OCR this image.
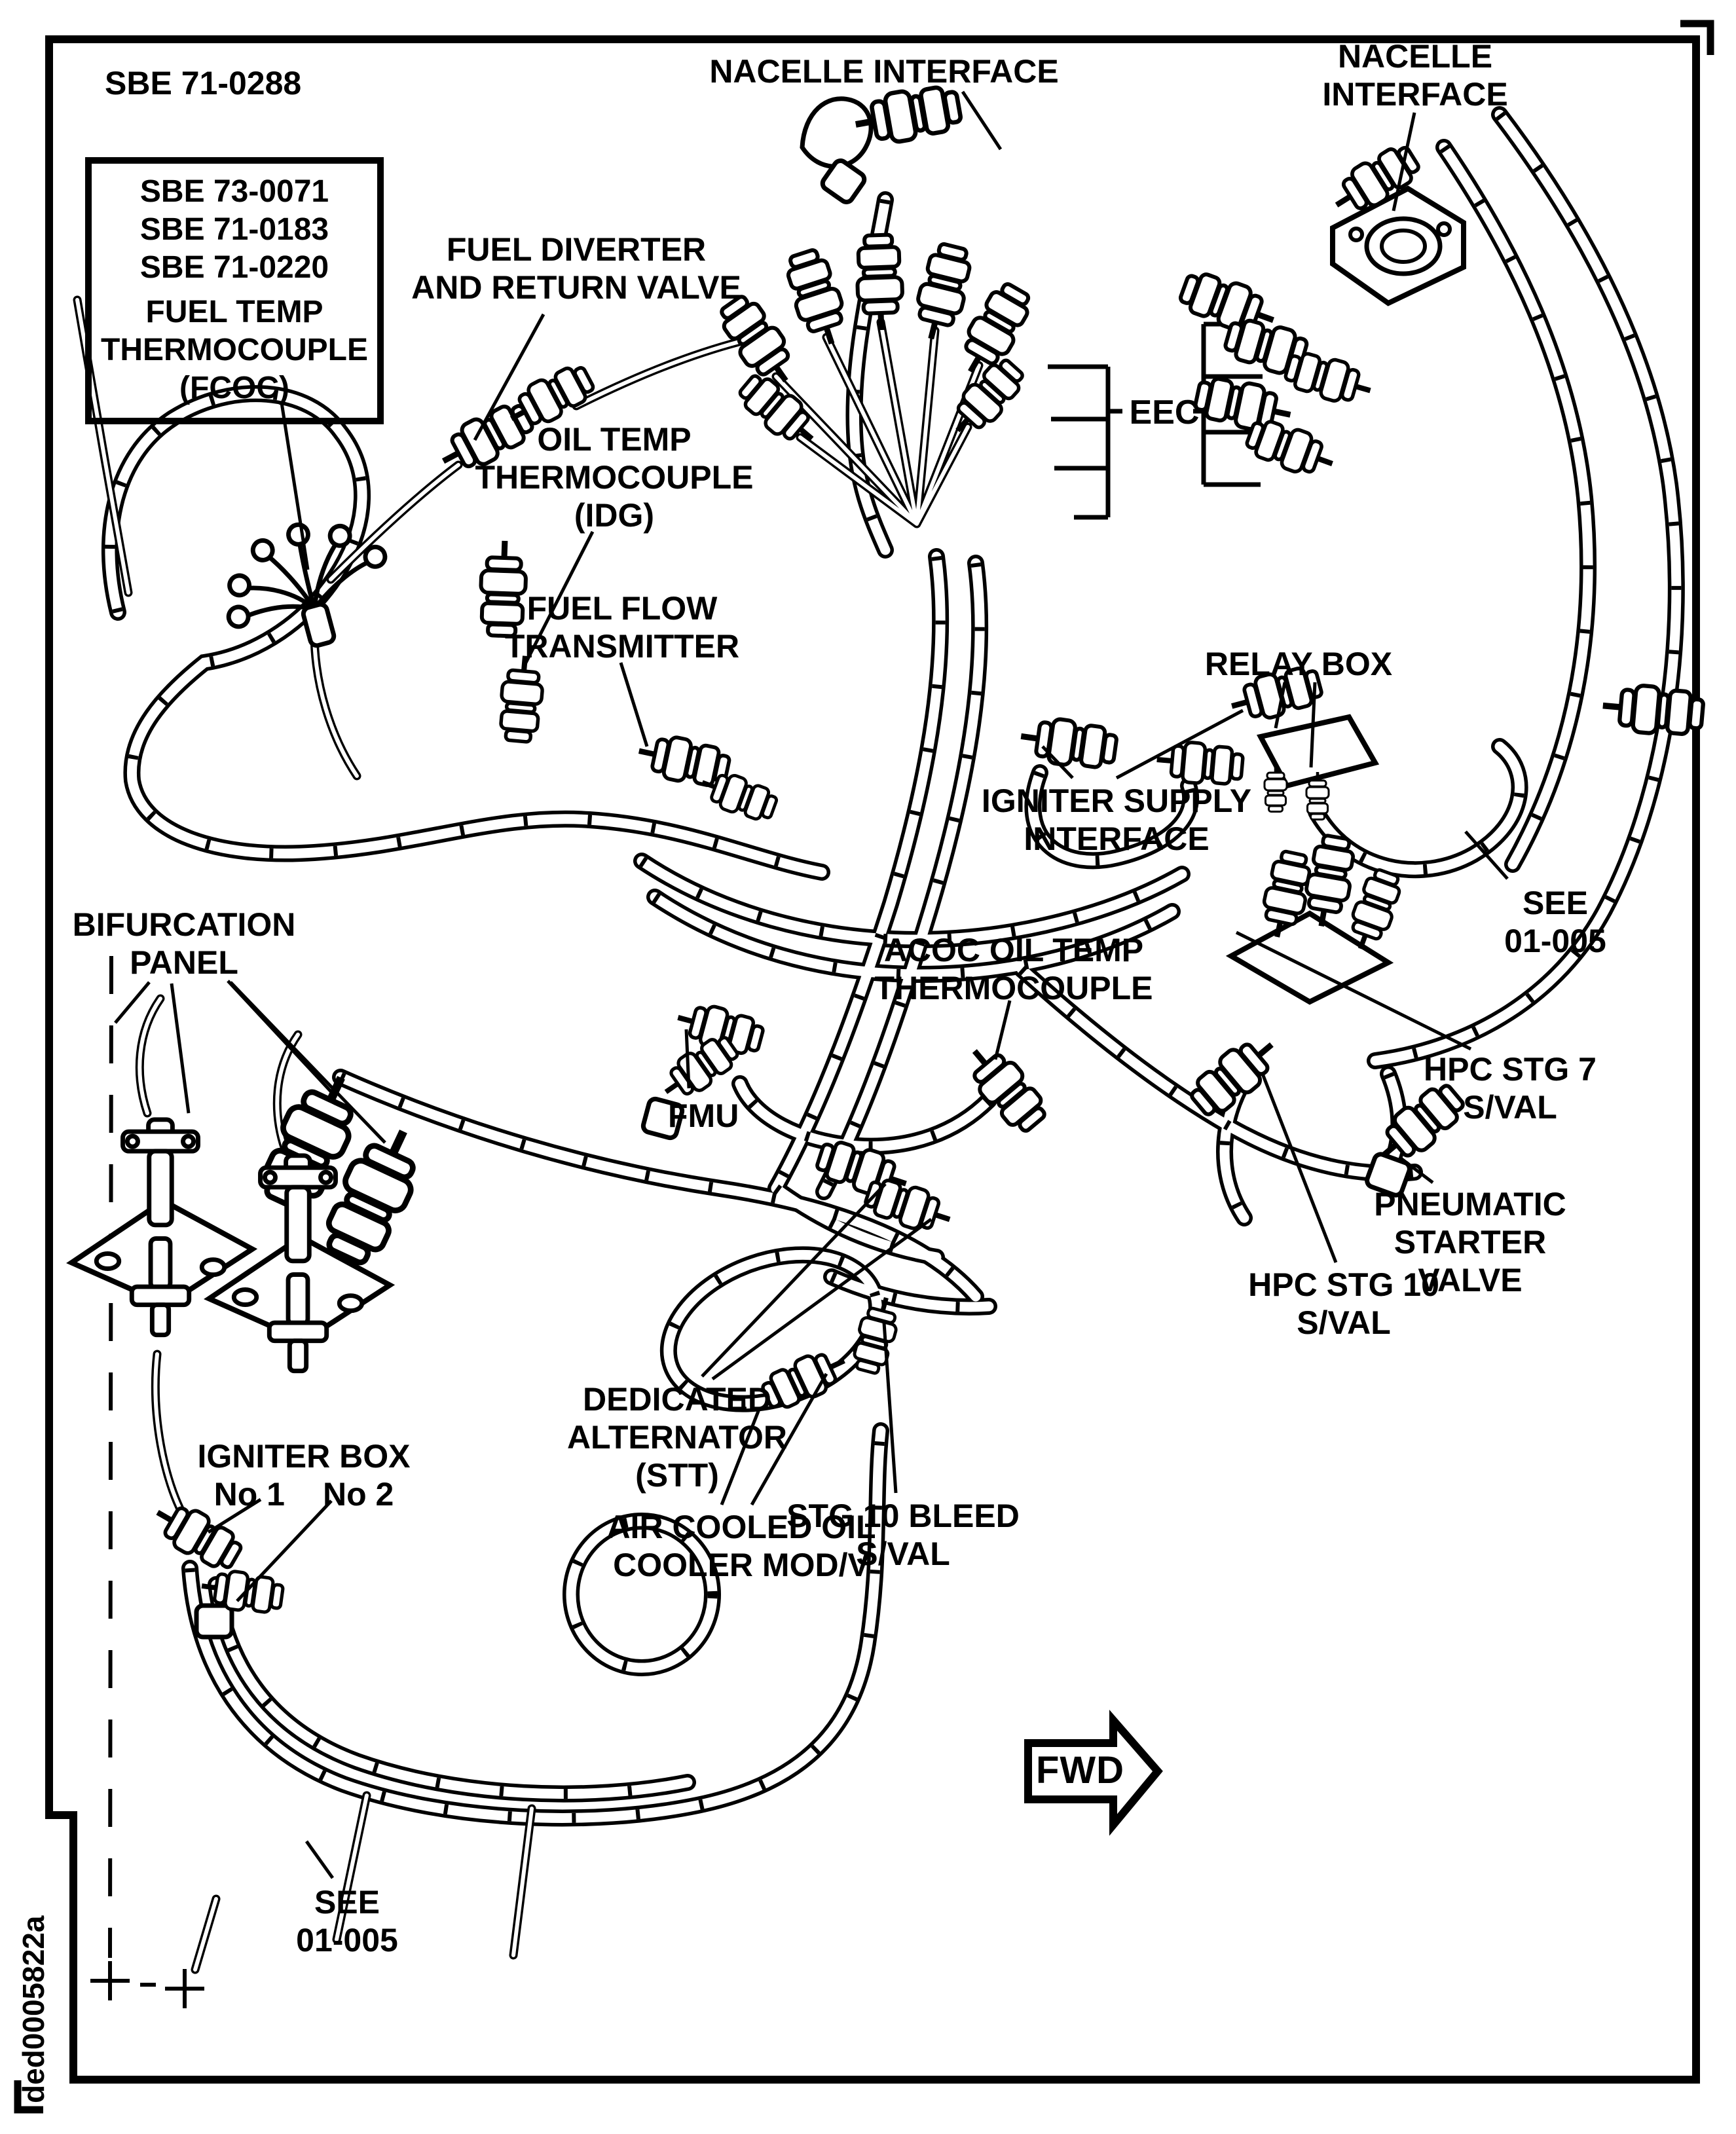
SBE 71-0288
SBE 73-0071
SBE 71-0183
SBE 71-0220
FUEL TEMP
THERMOCOUPLE
(FCOC)
FUEL DIVERTER
AND RETURN VALVE
NACELLE INTERFACE	NACELLE
INTERFACE
EEC
OIL TEMP
THERMOCOUPLE
(IDG)
FUEL FLOW
TRANSMITTER	RELAY BOX
IGNITER SUPPLY
INTERFACE
SEE
01-005
ACOC OIL TEMP
THERMOCOUPLE
HPC STG 7
S/VAL
FMU
PNEUMATIC
STARTER
VALVE
HPC STG 10
S/VAL
STG 10 BLEED
S/VAL
DEDICATED
ALTERNATOR
(STT)
AIR COOLED OIL
COOLER MOD/V
BIFURCATION
PANEL
IGNITER BOX
No 1 No 2
SEE
01-005
FWD
ded0005822a
